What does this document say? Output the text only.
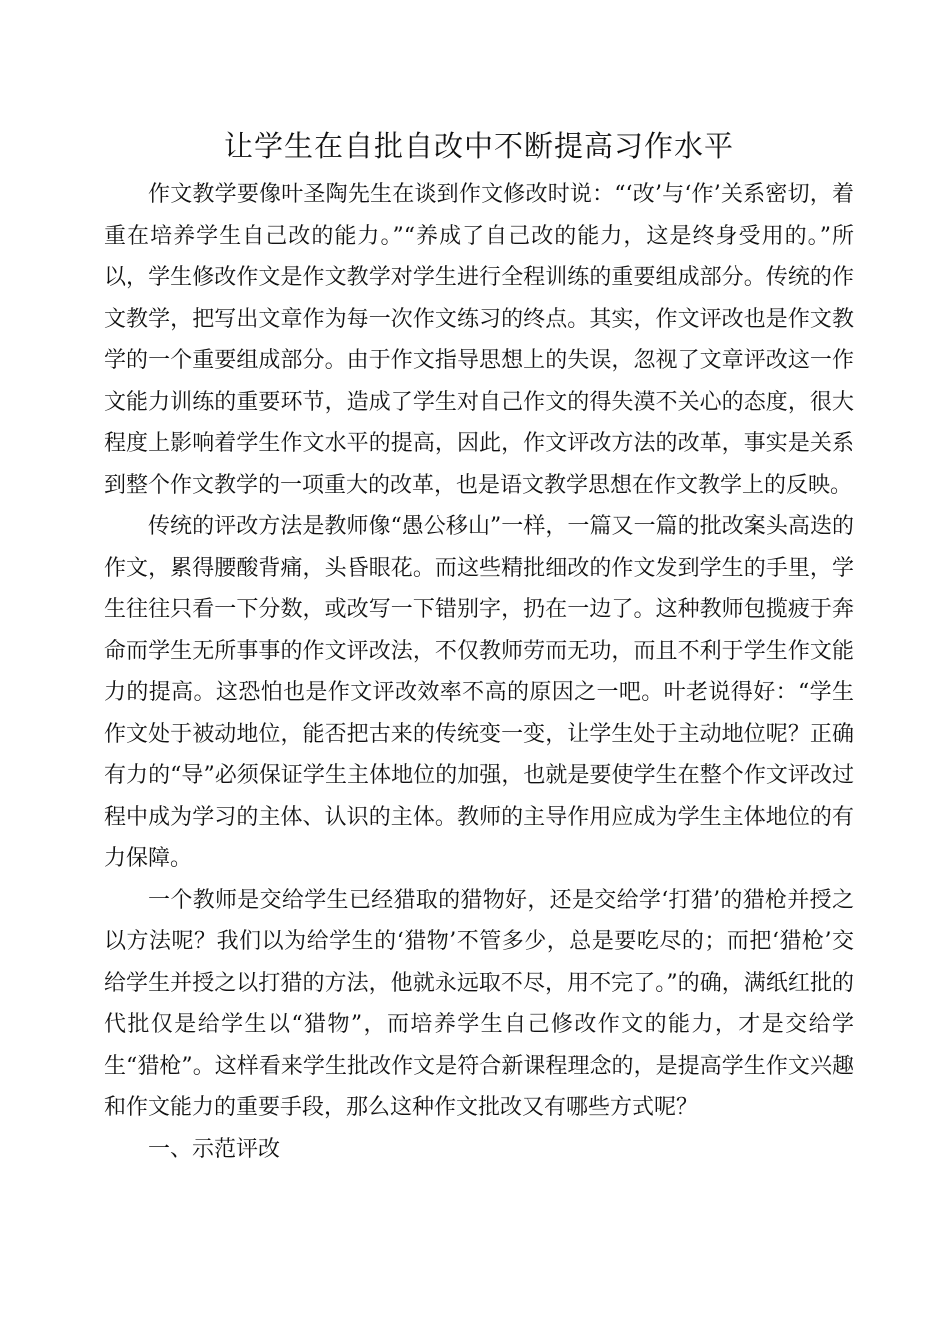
让学生在自批自改中不断提高习作水平

作文教学要像叶圣陶先生在谈到作文修改时说：“‘改’与‘作’关系密切，着重在培养学生自己改的能力。”“养成了自己改的能力，这是终身受用的。”所以，学生修改作文是作文教学对学生进行全程训练的重要组成部分。传统的作文教学，把写出文章作为每一次作文练习的终点。其实，作文评改也是作文教学的一个重要组成部分。由于作文指导思想上的失误，忽视了文章评改这一作文能力训练的重要环节，造成了学生对自己作文的得失漠不关心的态度，很大程度上影响着学生作文水平的提高，因此，作文评改方法的改革，事实是关系到整个作文教学的一项重大的改革，也是语文教学思想在作文教学上的反映。

传统的评改方法是教师像“愚公移山”一样，一篇又一篇的批改案头高迭的作文，累得腰酸背痛，头昏眼花。而这些精批细改的作文发到学生的手里，学生往往只看一下分数，或改写一下错别字，扔在一边了。这种教师包揽疲于奔命而学生无所事事的作文评改法，不仅教师劳而无功，而且不利于学生作文能力的提高。这恐怕也是作文评改效率不高的原因之一吧。叶老说得好：“学生作文处于被动地位，能否把古来的传统变一变，让学生处于主动地位呢？正确有力的“导”必须保证学生主体地位的加强，也就是要使学生在整个作文评改过程中成为学习的主体、认识的主体。教师的主导作用应成为学生主体地位的有力保障。

一个教师是交给学生已经猎取的猎物好，还是交给学‘打猎’的猎枪并授之以方法呢？我们以为给学生的‘猎物’不管多少，总是要吃尽的；而把‘猎枪’交给学生并授之以打猎的方法，他就永远取不尽，用不完了。”的确，满纸红批的代批仅是给学生以“猎物”，而培养学生自己修改作文的能力，才是交给学生“猎枪”。这样看来学生批改作文是符合新课程理念的，是提高学生作文兴趣和作文能力的重要手段，那么这种作文批改又有哪些方式呢？

一、示范评改
